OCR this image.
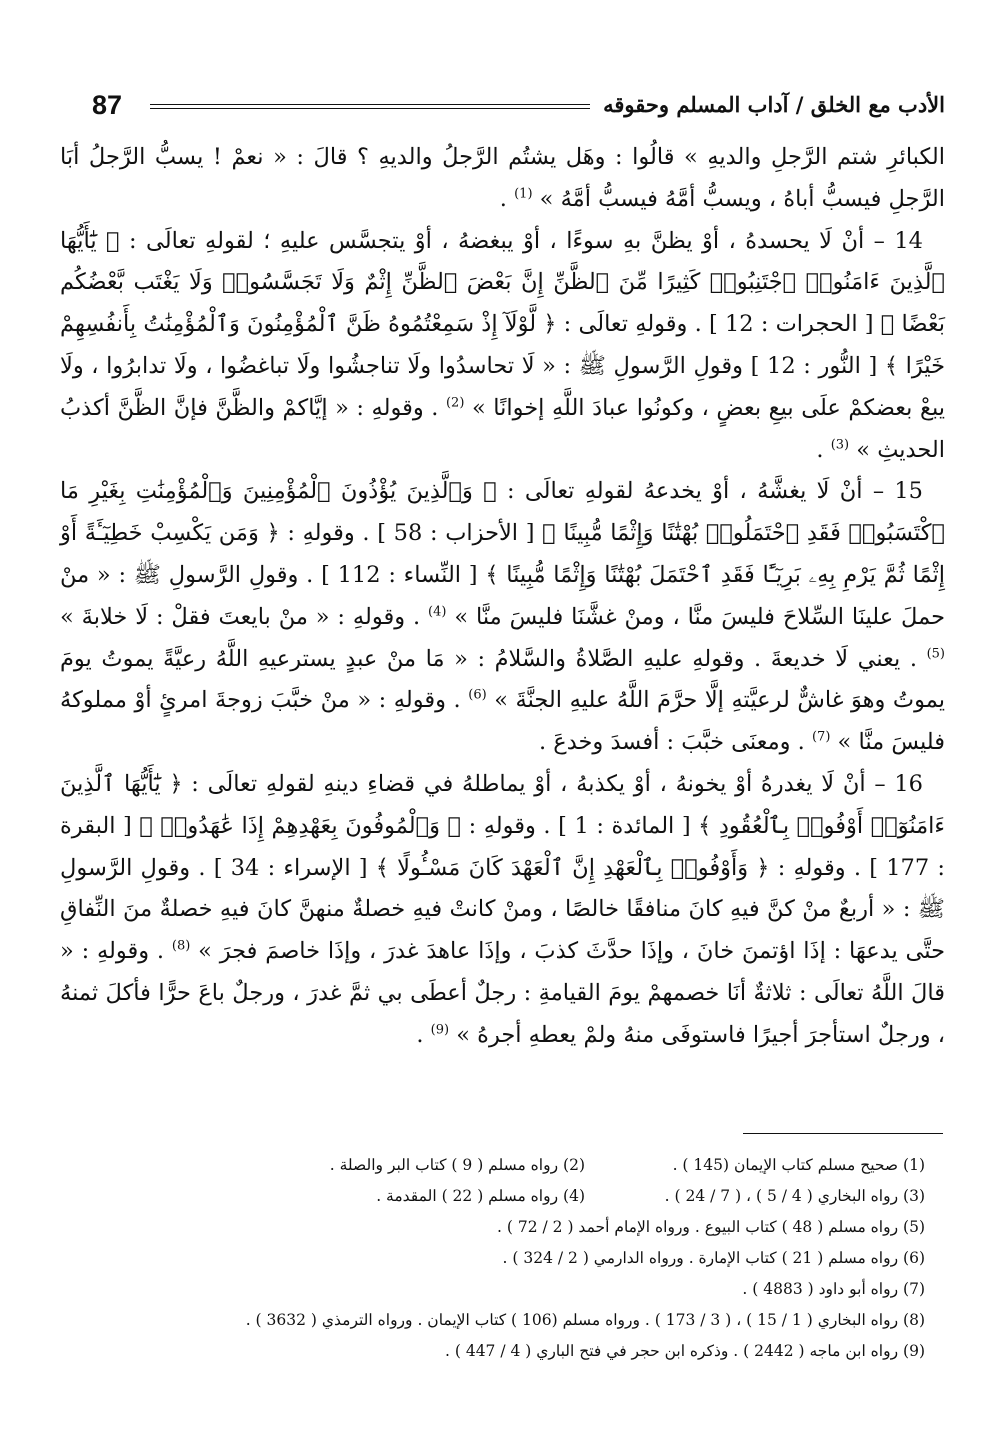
87	الأدب مع الخلق / آداب المسلم وحقوقه

الكبائرِ شتم الرَّجلِ والديهِ » قالُوا : وهَل يشتُم الرَّجلُ والديهِ ؟ قالَ : « نعمْ ! يسبُّ الرَّجلُ أبَا الرَّجلِ فيسبُّ أباهُ ، ويسبُّ أمَّهُ فيسبُّ أمَّهُ » $^{(1)}$ .

14 – أنْ لَا يحسدهُ ، أوْ يظنَّ بهِ سوءًا ، أوْ يبغضهُ ، أوْ يتجسَّس عليهِ ؛ لقولهِ تعالَى : ﴿ يَٰٓأَيُّهَا ٱلَّذِينَ ءَامَنُوا۟ ٱجْتَنِبُوا۟ كَثِيرًا مِّنَ ٱلظَّنِّ إِنَّ بَعْضَ ٱلظَّنِّ إِثْمٌ وَلَا تَجَسَّسُوا۟ وَلَا يَغْتَب بَّعْضُكُم بَعْضًا ﴾ [ الحجرات : 12 ] . وقولهِ تعالَى : ﴿ لَّوْلَآ إِذْ سَمِعْتُمُوهُ ظَنَّ ٱلْمُؤْمِنُونَ وَٱلْمُؤْمِنَٰتُ بِأَنفُسِهِمْ خَيْرًا ﴾ [ النُّور : 12 ] وقولِ الرَّسولِ ﷺ : « لَا تحاسدُوا ولَا تناجشُوا ولَا تباغضُوا ، ولَا تدابرُوا ، ولَا يبعْ بعضكمْ علَى بيعِ بعضٍ ، وكونُوا عبادَ اللَّهِ إخوانًا » $^{(2)}$ . وقولهِ : « إيَّاكمْ والظَّنَّ فإنَّ الظَّنَّ أكذبُ الحديثِ » $^{(3)}$ .

15 – أنْ لَا يغشَّهُ ، أوْ يخدعهُ لقولهِ تعالَى : ﴿ وَٱلَّذِينَ يُؤْذُونَ ٱلْمُؤْمِنِينَ وَٱلْمُؤْمِنَٰتِ بِغَيْرِ مَا ٱكْتَسَبُوا۟ فَقَدِ ٱحْتَمَلُوا۟ بُهْتَٰنًا وَإِثْمًا مُّبِينًا ﴾ [ الأحزاب : 58 ] . وقولهِ : ﴿ وَمَن يَكْسِبْ خَطِيٓـَٔةً أَوْ إِثْمًا ثُمَّ يَرْمِ بِهِۦ بَرِيٓـًٔا فَقَدِ ٱحْتَمَلَ بُهْتَٰنًا وَإِثْمًا مُّبِينًا ﴾ [ النِّساء : 112 ] . وقولِ الرَّسولِ ﷺ : « منْ حملَ علينَا السِّلاحَ فليسَ منَّا ، ومنْ غشَّنَا فليسَ منَّا » $^{(4)}$ . وقولهِ : « منْ بايعتَ فقلْ : لَا خلابةَ » $^{(5)}$ . يعني لَا خديعةَ . وقولهِ عليهِ الصَّلاةُ والسَّلامُ : « مَا منْ عبدٍ يسترعيهِ اللَّهُ رعيَّةً يموتُ يومَ يموتُ وهوَ غاشٌّ لرعيَّتهِ إلَّا حرَّمَ اللَّهُ عليهِ الجنَّةَ » $^{(6)}$ . وقولهِ : « منْ خبَّبَ زوجةَ امرئٍ أوْ مملوكهُ فليسَ منَّا » $^{(7)}$ . ومعنَى خبَّبَ : أفسدَ وخدعَ .

16 – أنْ لَا يغدرهُ أوْ يخونهُ ، أوْ يكذبهُ ، أوْ يماطلهُ في قضاءِ دينهِ لقولهِ تعالَى : ﴿ يَٰٓأَيُّهَا ٱلَّذِينَ ءَامَنُوٓا۟ أَوْفُوا۟ بِٱلْعُقُودِ ﴾ [ المائدة : 1 ] . وقولهِ : ﴿ وَٱلْمُوفُونَ بِعَهْدِهِمْ إِذَا عَٰهَدُوا۟ ﴾ [ البقرة : 177 ] . وقولهِ : ﴿ وَأَوْفُوا۟ بِٱلْعَهْدِ إِنَّ ٱلْعَهْدَ كَانَ مَسْـُٔولًا ﴾ [ الإسراء : 34 ] . وقولِ الرَّسولِ ﷺ : « أربعٌ منْ كنَّ فيهِ كانَ منافقًا خالصًا ، ومنْ كانتْ فيهِ خصلةٌ منهنَّ كانَ فيهِ خصلةٌ منَ النِّفاقِ حتَّى يدعهَا : إذَا اؤتمنَ خانَ ، وإذَا حدَّثَ كذبَ ، وإذَا عاهدَ غدرَ ، وإذَا خاصمَ فجرَ » $^{(8)}$ . وقولهِ : « قالَ اللَّهُ تعالَى : ثلاثةٌ أنَا خصمهمْ يومَ القيامةِ : رجلٌ أعطَى بي ثمَّ غدرَ ، ورجلٌ باعَ حرًّا فأكلَ ثمنهُ ، ورجلٌ استأجرَ أجيرًا فاستوفَى منهُ ولمْ يعطهِ أجرهُ » $^{(9)}$ .

(1) صحيح مسلم كتاب الإيمان (145 ) .
(2) رواه مسلم ( 9 ) كتاب البر والصلة .
(3) رواه البخاري ( 4 / 5 ) ، ( 7 / 24 ) .
(4) رواه مسلم ( 22 ) المقدمة .
(5) رواه مسلم ( 48 ) كتاب البيوع . ورواه الإمام أحمد ( 2 / 72 ) .
(6) رواه مسلم ( 21 ) كتاب الإمارة . ورواه الدارمي ( 2 / 324 ) .
(7) رواه أبو داود ( 4883 ) .
(8) رواه البخاري ( 1 / 15 ) ، ( 3 / 173 ) . ورواه مسلم (106 ) كتاب الإيمان . ورواه الترمذي ( 3632 ) .
(9) رواه ابن ماجه ( 2442 ) . وذكره ابن حجر في فتح الباري ( 4 / 447 ) .
